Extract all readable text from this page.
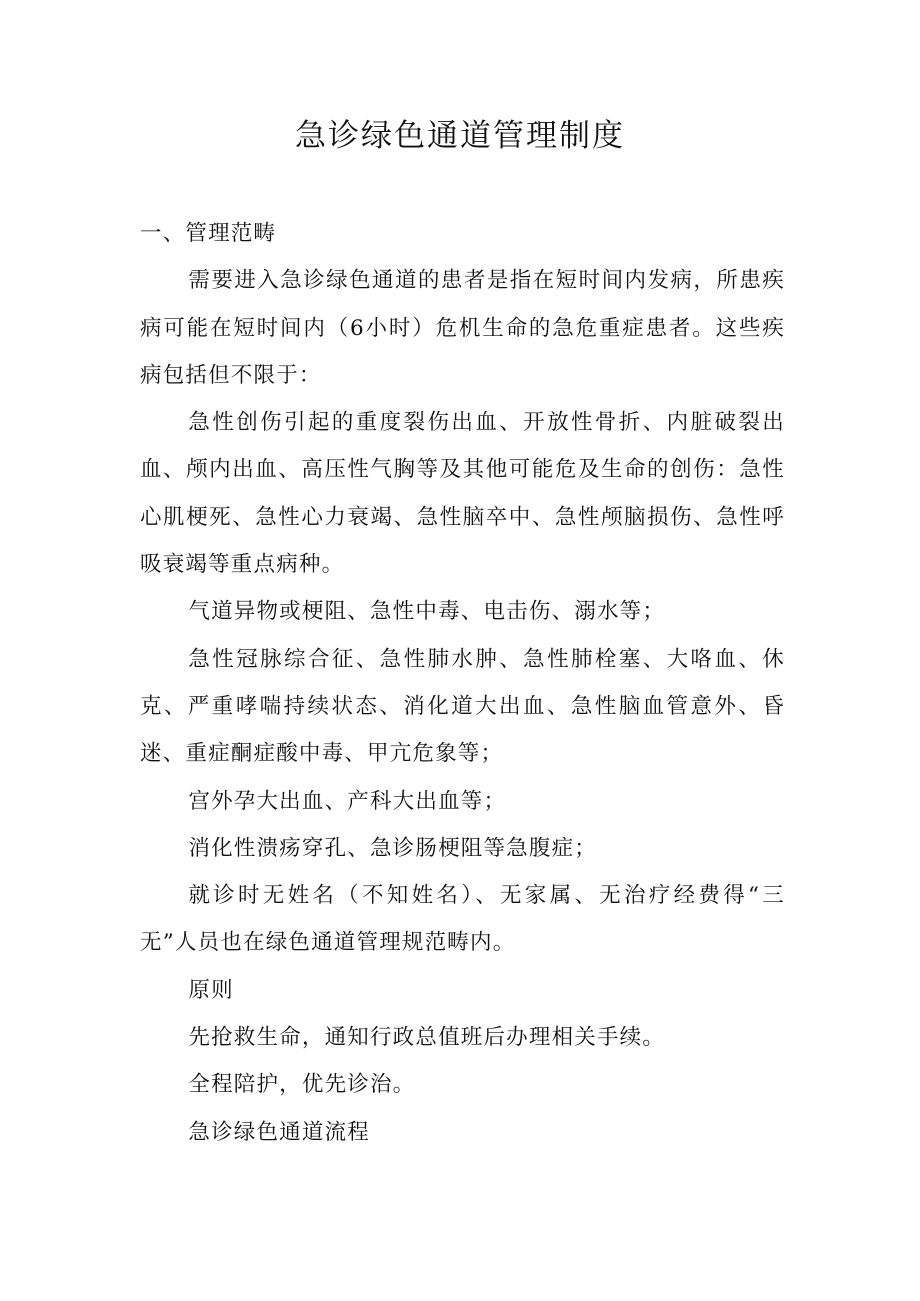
急诊绿色通道管理制度

一、管理范畴

需要进入急诊绿色通道的患者是指在短时间内发病，所患疾病可能在短时间内（6小时）危机生命的急危重症患者。这些疾病包括但不限于：

急性创伤引起的重度裂伤出血、开放性骨折、内脏破裂出血、颅内出血、高压性气胸等及其他可能危及生命的创伤：急性心肌梗死、急性心力衰竭、急性脑卒中、急性颅脑损伤、急性呼吸衰竭等重点病种。

气道异物或梗阻、急性中毒、电击伤、溺水等；

急性冠脉综合征、急性肺水肿、急性肺栓塞、大咯血、休克、严重哮喘持续状态、消化道大出血、急性脑血管意外、昏迷、重症酮症酸中毒、甲亢危象等；

宫外孕大出血、产科大出血等；

消化性溃疡穿孔、急诊肠梗阻等急腹症；

就诊时无姓名（不知姓名）、无家属、无治疗经费得“三无”人员也在绿色通道管理规范畴内。

原则

先抢救生命，通知行政总值班后办理相关手续。

全程陪护，优先诊治。

急诊绿色通道流程
